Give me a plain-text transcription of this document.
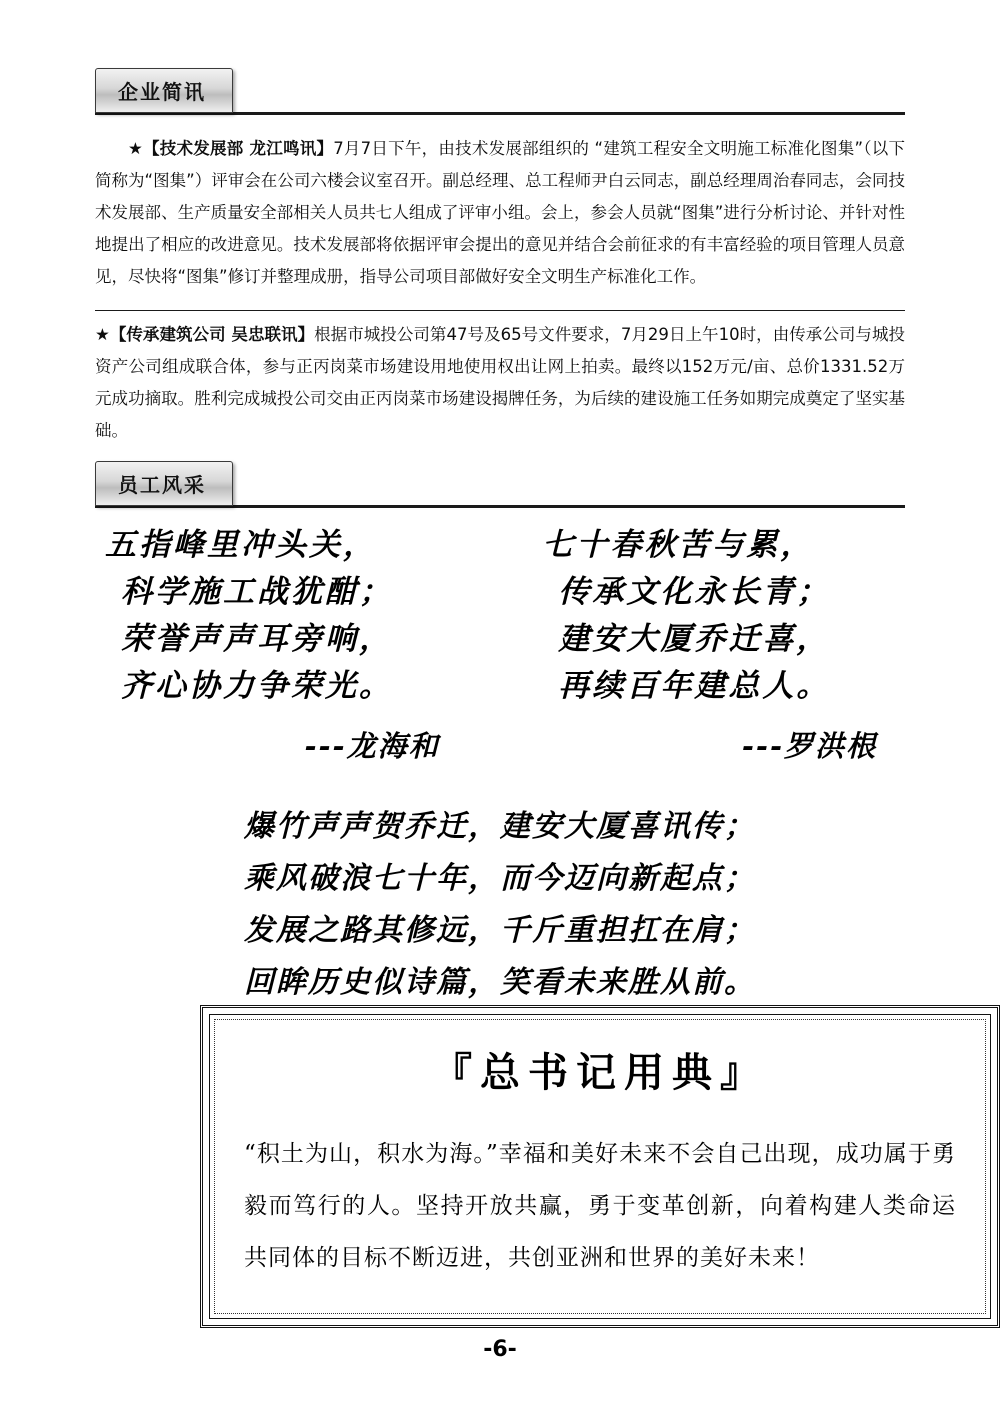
企业简讯

★【技术发展部 龙江鸣讯】7月7日下午，由技术发展部组织的 “建筑工程安全文明施工标准化图集”（以下简称为“图集”）评审会在公司六楼会议室召开。副总经理、总工程师尹白云同志，副总经理周治春同志，会同技术发展部、生产质量安全部相关人员共七人组成了评审小组。会上，参会人员就“图集”进行分析讨论、并针对性地提出了相应的改进意见。技术发展部将依据评审会提出的意见并结合会前征求的有丰富经验的项目管理人员意见，尽快将“图集”修订并整理成册，指导公司项目部做好安全文明生产标准化工作。

★【传承建筑公司 吴忠联讯】根据市城投公司第47号及65号文件要求，7月29日上午10时，由传承公司与城投资产公司组成联合体，参与正丙岗菜市场建设用地使用权出让网上拍卖。最终以152万元/亩、总价1331.52万元成功摘取。胜利完成城投公司交由正丙岗菜市场建设揭牌任务，为后续的建设施工任务如期完成奠定了坚实基础。

员工风采
五指峰里冲头关，
科学施工战犹酣；
荣誉声声耳旁响，
齐心协力争荣光。
---龙海和
七十春秋苦与累，
传承文化永长青；
建安大厦乔迁喜，
再续百年建总人。
---罗洪根
爆竹声声贺乔迁，建安大厦喜讯传；
乘风破浪七十年，而今迈向新起点；
发展之路其修远，千斤重担扛在肩；
回眸历史似诗篇，笑看未来胜从前。
『总书记用典』
“积土为山，积水为海。”幸福和美好未来不会自己出现，成功属于勇毅而笃行的人。坚持开放共赢，勇于变革创新，向着构建人类命运共同体的目标不断迈进，共创亚洲和世界的美好未来！
-6-
